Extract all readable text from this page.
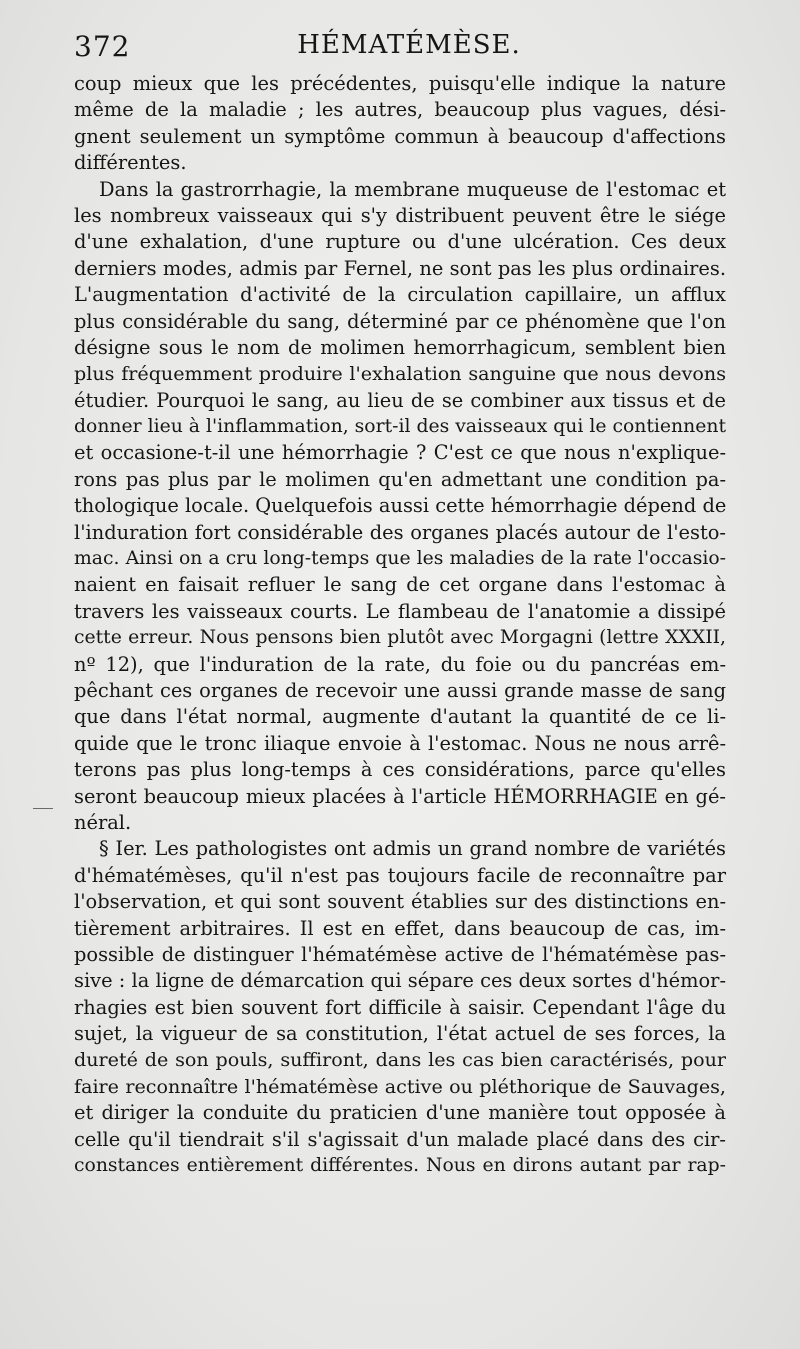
372	HÉMATÉMÈSE.
coup mieux que les précédentes, puisqu'elle indique la nature
même de la maladie ; les autres, beaucoup plus vagues, dési-
gnent seulement un symptôme commun à beaucoup d'affections
différentes.
Dans la gastrorrhagie, la membrane muqueuse de l'estomac et
les nombreux vaisseaux qui s'y distribuent peuvent être le siége
d'une exhalation, d'une rupture ou d'une ulcération. Ces deux
derniers modes, admis par Fernel, ne sont pas les plus ordinaires.
L'augmentation d'activité de la circulation capillaire, un afflux
plus considérable du sang, déterminé par ce phénomène que l'on
désigne sous le nom de molimen hemorrhagicum, semblent bien
plus fréquemment produire l'exhalation sanguine que nous devons
étudier. Pourquoi le sang, au lieu de se combiner aux tissus et de
donner lieu à l'inflammation, sort-il des vaisseaux qui le contiennent
et occasione-t-il une hémorrhagie ? C'est ce que nous n'explique-
rons pas plus par le molimen qu'en admettant une condition pa-
thologique locale. Quelquefois aussi cette hémorrhagie dépend de
l'induration fort considérable des organes placés autour de l'esto-
mac. Ainsi on a cru long-temps que les maladies de la rate l'occasio-
naient en faisait refluer le sang de cet organe dans l'estomac à
travers les vaisseaux courts. Le flambeau de l'anatomie a dissipé
cette erreur. Nous pensons bien plutôt avec Morgagni (lettre XXXII,
nº 12), que l'induration de la rate, du foie ou du pancréas em-
pêchant ces organes de recevoir une aussi grande masse de sang
que dans l'état normal, augmente d'autant la quantité de ce li-
quide que le tronc iliaque envoie à l'estomac. Nous ne nous arrê-
terons pas plus long-temps à ces considérations, parce qu'elles
seront beaucoup mieux placées à l'article HÉMORRHAGIE en gé-
néral.
§ Ier. Les pathologistes ont admis un grand nombre de variétés
d'hématémèses, qu'il n'est pas toujours facile de reconnaître par
l'observation, et qui sont souvent établies sur des distinctions en-
tièrement arbitraires. Il est en effet, dans beaucoup de cas, im-
possible de distinguer l'hématémèse active de l'hématémèse pas-
sive : la ligne de démarcation qui sépare ces deux sortes d'hémor-
rhagies est bien souvent fort difficile à saisir. Cependant l'âge du
sujet, la vigueur de sa constitution, l'état actuel de ses forces, la
dureté de son pouls, suffiront, dans les cas bien caractérisés, pour
faire reconnaître l'hématémèse active ou pléthorique de Sauvages,
et diriger la conduite du praticien d'une manière tout opposée à
celle qu'il tiendrait s'il s'agissait d'un malade placé dans des cir-
constances entièrement différentes. Nous en dirons autant par rap-
